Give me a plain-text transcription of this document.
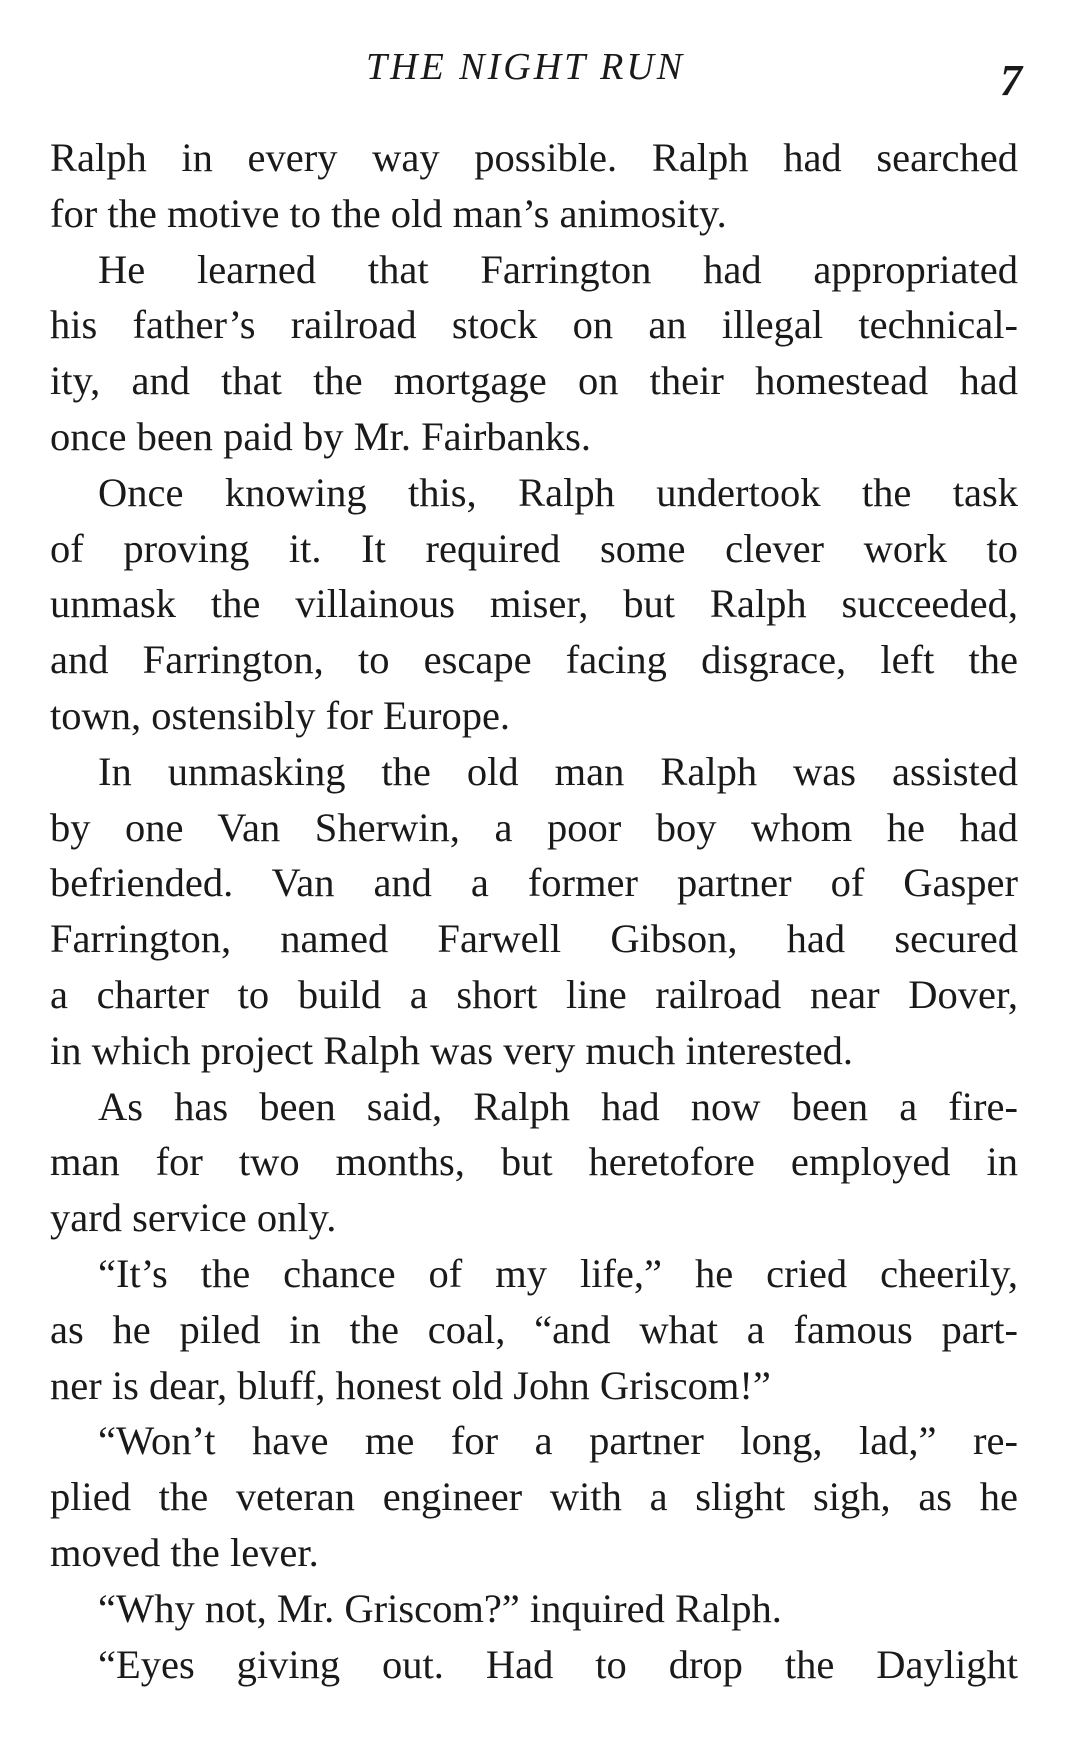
THE NIGHT RUN	7
Ralph in every way possible. Ralph had searched
for the motive to the old man’s animosity.
He learned that Farrington had appropriated
his father’s railroad stock on an illegal technical-
ity, and that the mortgage on their homestead had
once been paid by Mr. Fairbanks.
Once knowing this, Ralph undertook the task
of proving it. It required some clever work to
unmask the villainous miser, but Ralph succeeded,
and Farrington, to escape facing disgrace, left the
town, ostensibly for Europe.
In unmasking the old man Ralph was assisted
by one Van Sherwin, a poor boy whom he had
befriended. Van and a former partner of Gasper
Farrington, named Farwell Gibson, had secured
a charter to build a short line railroad near Dover,
in which project Ralph was very much interested.
As has been said, Ralph had now been a fire-
man for two months, but heretofore employed in
yard service only.
“It’s the chance of my life,” he cried cheerily,
as he piled in the coal, “and what a famous part-
ner is dear, bluff, honest old John Griscom!”
“Won’t have me for a partner long, lad,” re-
plied the veteran engineer with a slight sigh, as he
moved the lever.
“Why not, Mr. Griscom?” inquired Ralph.
“Eyes giving out. Had to drop the Daylight
